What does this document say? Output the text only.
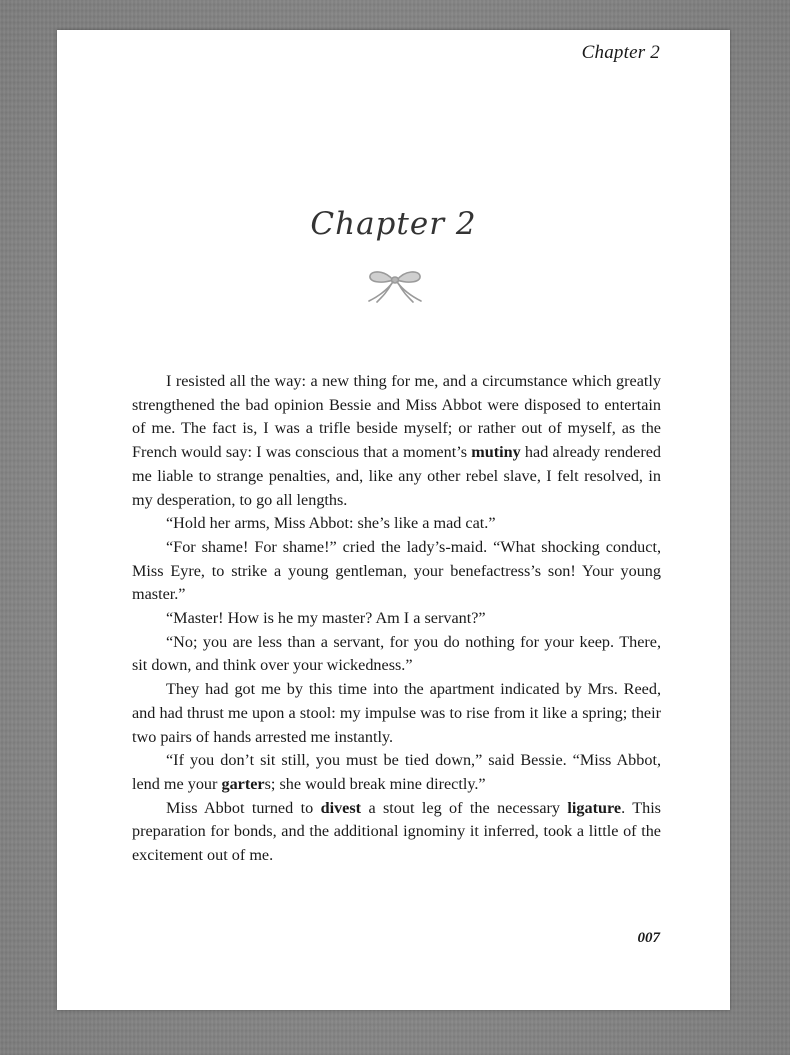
Chapter 2
Chapter 2

I resisted all the way: a new thing for me, and a circumstance which greatly strengthened the bad opinion Bessie and Miss Abbot were disposed to entertain of me. The fact is, I was a trifle beside myself; or rather out of myself, as the French would say: I was conscious that a moment’s mutiny had already rendered me liable to strange penalties, and, like any other rebel slave, I felt resolved, in my desperation, to go all lengths.

“Hold her arms, Miss Abbot: she’s like a mad cat.”

“For shame! For shame!” cried the lady’s-maid. “What shocking conduct, Miss Eyre, to strike a young gentleman, your benefactress’s son! Your young master.”

“Master! How is he my master? Am I a servant?”

“No; you are less than a servant, for you do nothing for your keep. There, sit down, and think over your wickedness.”

They had got me by this time into the apartment indicated by Mrs. Reed, and had thrust me upon a stool: my impulse was to rise from it like a spring; their two pairs of hands arrested me instantly.

“If you don’t sit still, you must be tied down,” said Bessie. “Miss Abbot, lend me your garters; she would break mine directly.”

Miss Abbot turned to divest a stout leg of the necessary ligature. This preparation for bonds, and the additional ignominy it inferred, took a little of the excitement out of me.

007
